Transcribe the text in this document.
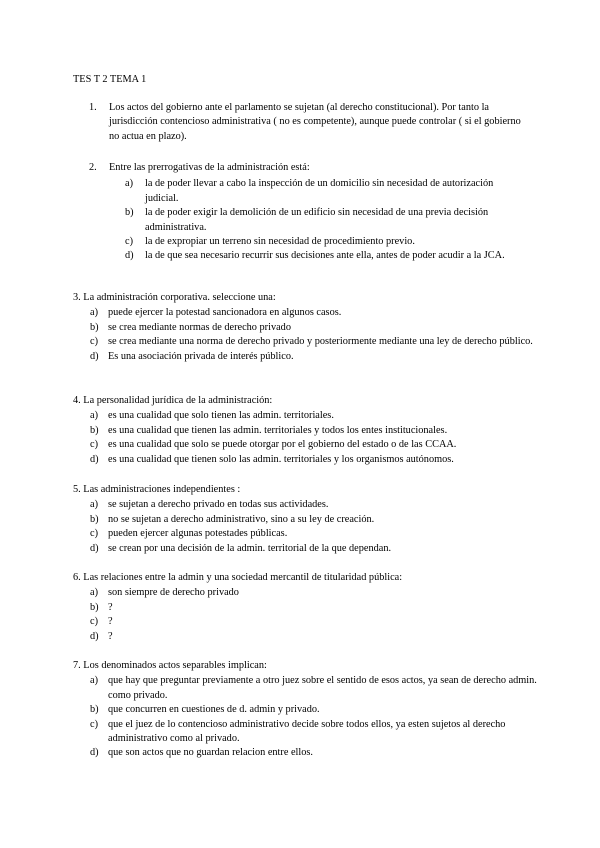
TES T 2 TEMA 1
1. Los actos del gobierno ante el parlamento se sujetan (al derecho constitucional). Por tanto la jurisdicción contencioso administrativa ( no es competente), aunque puede controlar ( si el gobierno no actua en plazo).
2. Entre las prerrogativas de la administración está:
a) la de poder llevar a cabo la inspección de un domicilio sin necesidad de autorización judicial.
b) la de poder exigir la demolición de un edificio sin necesidad de una previa decisión administrativa.
c) la de expropiar un terreno sin necesidad de procedimiento previo.
d) la de que sea necesario recurrir sus decisiones ante ella, antes de poder acudir a la JCA.
3. La administración corporativa. seleccione una:
a) puede ejercer la potestad sancionadora en algunos casos.
b) se crea mediante normas de derecho privado
c) se crea mediante una norma de derecho privado y posteriormente mediante una ley de derecho público.
d) Es una asociación privada de interés público.
4. La personalidad jurídica de la administración:
a) es una cualidad que solo tienen las admin. territoriales.
b) es una cualidad que tienen las admin. territoriales y todos los entes institucionales.
c) es una cualidad que solo se puede otorgar por el gobierno del estado o de las CCAA.
d) es una cualidad que tienen solo las admin. territoriales y los organismos autónomos.
5. Las administraciones independientes :
a) se sujetan a derecho privado en todas sus actividades.
b) no se sujetan a derecho administrativo, sino a su ley de creación.
c) pueden ejercer algunas potestades públicas.
d) se crean por una decisión de la admin. territorial de la que dependan.
6. Las relaciones entre la admin y una sociedad mercantil de titularidad pública:
a) son siempre de derecho privado
b) ?
c) ?
d) ?
7. Los denominados actos separables implican:
a) que hay que preguntar previamente a otro juez sobre el sentido de esos actos, ya sean de derecho admin. como privado.
b) que concurren en cuestiones de d. admin y privado.
c) que el juez de lo contencioso administrativo decide sobre todos ellos, ya esten sujetos al derecho administrativo como al privado.
d) que son actos que no guardan relacion entre ellos.
